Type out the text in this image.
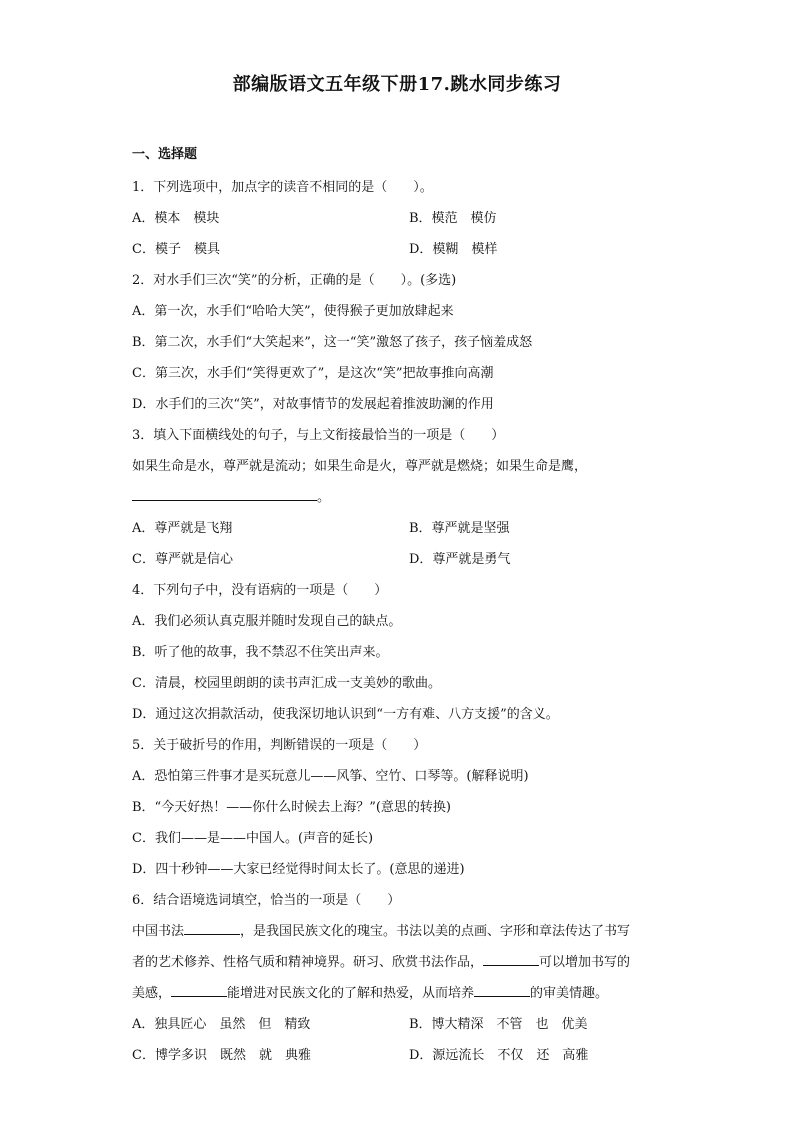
部编版语文五年级下册17.跳水同步练习
一、选择题
1．下列选项中，加点字的读音不相同的是（　　）。
A．模本　模块	B．模范　模仿
C．模子　模具	D．模糊　模样
2．对水手们三次“笑”的分析，正确的是（　　）。(多选)
A．第一次，水手们“哈哈大笑”，使得猴子更加放肆起来
B．第二次，水手们“大笑起来”，这一“笑”激怒了孩子，孩子恼羞成怒
C．第三次，水手们“笑得更欢了”，是这次“笑”把故事推向高潮
D．水手们的三次“笑”，对故事情节的发展起着推波助澜的作用
3．填入下面横线处的句子，与上文衔接最恰当的一项是（　　）
如果生命是水，尊严就是流动；如果生命是火，尊严就是燃烧；如果生命是鹰，
。
A．尊严就是飞翔	B．尊严就是坚强
C．尊严就是信心	D．尊严就是勇气
4．下列句子中，没有语病的一项是（　　）
A．我们必须认真克服并随时发现自己的缺点。
B．听了他的故事，我不禁忍不住笑出声来。
C．清晨，校园里朗朗的读书声汇成一支美妙的歌曲。
D．通过这次捐款活动，使我深切地认识到“一方有难、八方支援”的含义。
5．关于破折号的作用，判断错误的一项是（　　）
A．恐怕第三件事才是买玩意儿——风筝、空竹、口琴等。(解释说明)
B．“今天好热！——你什么时候去上海？”(意思的转换)
C．我们——是——中国人。(声音的延长)
D．四十秒钟——大家已经觉得时间太长了。(意思的递进)
6．结合语境选词填空，恰当的一项是（　　）
中国书法	，是我国民族文化的瑰宝。书法以美的点画、字形和章法传达了书写
者的艺术修养、性格气质和精神境界。研习、欣赏书法作品，	可以增加书写的
美感，	能增进对民族文化的了解和热爱，从而培养	的审美情趣。
A．独具匠心　虽然　但　精致	B．博大精深　不管　也　优美
C．博学多识　既然　就　典雅	D．源远流长　不仅　还　高雅
